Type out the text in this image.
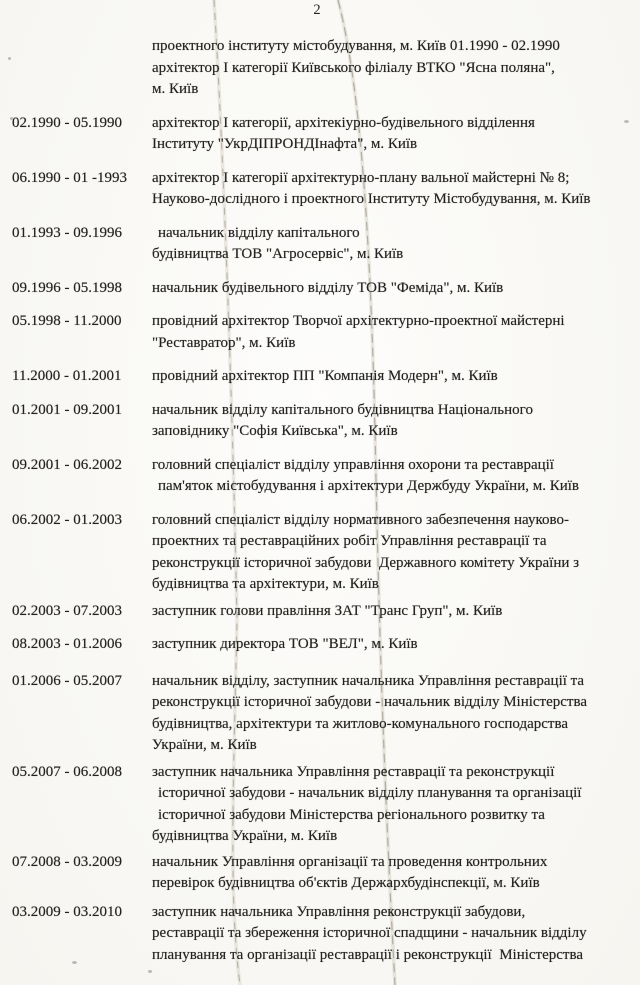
2
проектного інституту містобудування, м. Київ 01.1990 - 02.1990
архітектор І категорії Київського філіалу ВТКО "Ясна поляна",
м. Київ
02.1990 - 05.1990	архітектор І категорії, архітекіурно-будівельного відділення
Інституту "УкрДІПРОНДІнафта", м. Київ
06.1990 - 01 -1993	архітектор І категорії архітектурно-плану вальної майстерні № 8;
Науково-дослідного і проектного Інституту Містобудування, м. Київ
01.1993 - 09.1996	начальник відділу капітального
будівництва ТОВ "Агросервіс", м. Київ
09.1996 - 05.1998	начальник будівельного відділу ТОВ "Феміда", м. Київ
05.1998 - 11.2000	провідний архітектор Творчої архітектурно-проектної майстерні
"Реставратор", м. Київ
11.2000 - 01.2001	провідний архітектор ПП "Компанія Модерн", м. Київ
01.2001 - 09.2001	начальник відділу капітального будівництва Національного
заповіднику "Софія Київська", м. Київ
09.2001 - 06.2002	головний спеціаліст відділу управління охорони та реставрації
пам'яток містобудування і архітектури Держбуду України, м. Київ
06.2002 - 01.2003	головний спеціаліст відділу нормативного забезпечення науково-
проектних та реставраційних робіт Управління реставрації та
реконструкції історичної забудови  Державного комітету України з
будівництва та архітектури, м. Київ
02.2003 - 07.2003	заступник голови правління ЗАТ "Транс Груп", м. Київ
08.2003 - 01.2006	заступник директора ТОВ "ВЕЛ", м. Київ
01.2006 - 05.2007	начальник відділу, заступник начальника Управління реставрації та
реконструкції історичної забудови - начальник відділу Міністерства
будівництва, архітектури та житлово-комунального господарства
України, м. Київ
05.2007 - 06.2008	заступник начальника Управління реставрації та реконструкції
історичної забудови - начальник відділу планування та організації
історичної забудови Міністерства регіонального розвитку та
будівництва України, м. Київ
07.2008 - 03.2009	начальник Управління організації та проведення контрольних
перевірок будівництва об'єктів Держархбудінспекції, м. Київ
03.2009 - 03.2010	заступник начальника Управління реконструкції забудови,
реставрації та збереження історичної спадщини - начальник відділу
планування та організації реставрації і реконструкції  Міністерства
